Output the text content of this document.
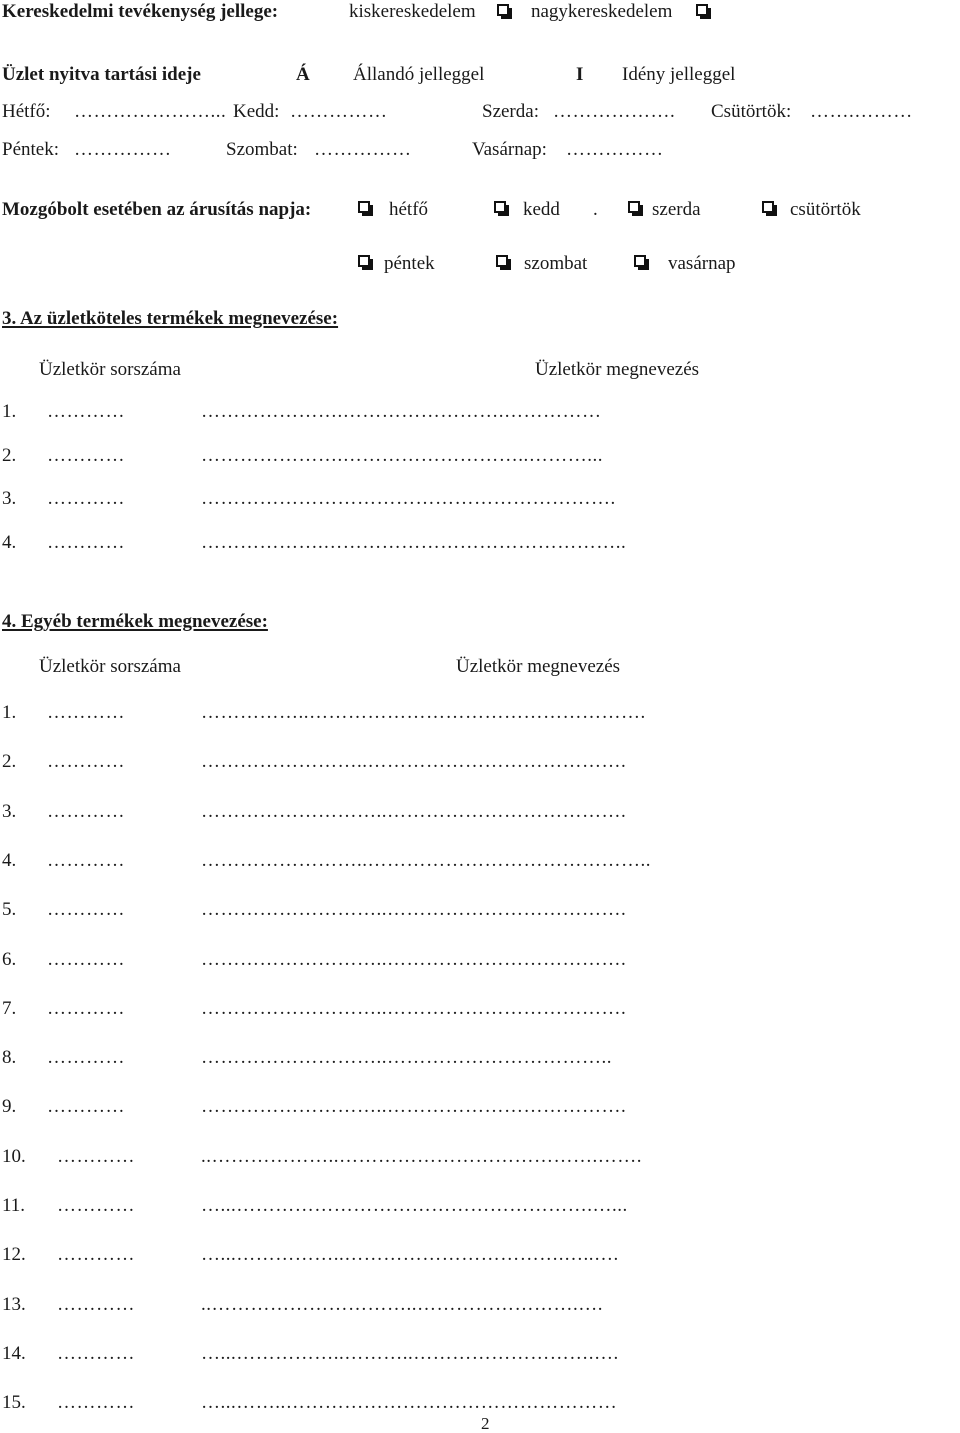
Kereskedelmi tevékenység jellege:	kiskereskedelem	nagykereskedelem
Üzlet nyitva tartási ideje	Á Állandó jelleggel	I Idény jelleggel
Hétfő: …………………... Kedd: ……………	Szerda: ……………….	Csütörtök: …….………
Péntek: ……………	Szombat: ……………	Vasárnap: ……………
Mozgóbolt esetében az árusítás napja:	hétfő	kedd .	szerda	csütörtök
péntek	szombat	vasárnap
3. Az üzletköteles termékek megnevezése:
Üzletkör sorszáma	Üzletkör megnevezés
1. …………	………………….…………………….……………
2. …………	………………….………………………..………...
3. …………	……………………………………………………….
4. …………	……………….………………………………………..
4. Egyéb termékek megnevezése:
Üzletkör sorszáma	Üzletkör megnevezés
1. …………	……………..…………………………………………….
2. …………	……………………..………………………………….
3. …………	………………………..……………………………….
4. …………	……………………..……………………………………..
5. …………	………………………..……………………………….
6. …………	………………………..……………………………….
7. …………	………………………..……………………………….
8. …………	………………………..……………………………..
9. …………	………………………..……………………………….
10. …………	..………………..………………………………….…….
11. …………	…...……………………………………………….…...
12. …………	…...……………..…………………………….…..….
13. …………	..…………………………..…………………….….
14. …………	…...……………..………..……………………….….
15. …………	…...……..……………………………………………
2
